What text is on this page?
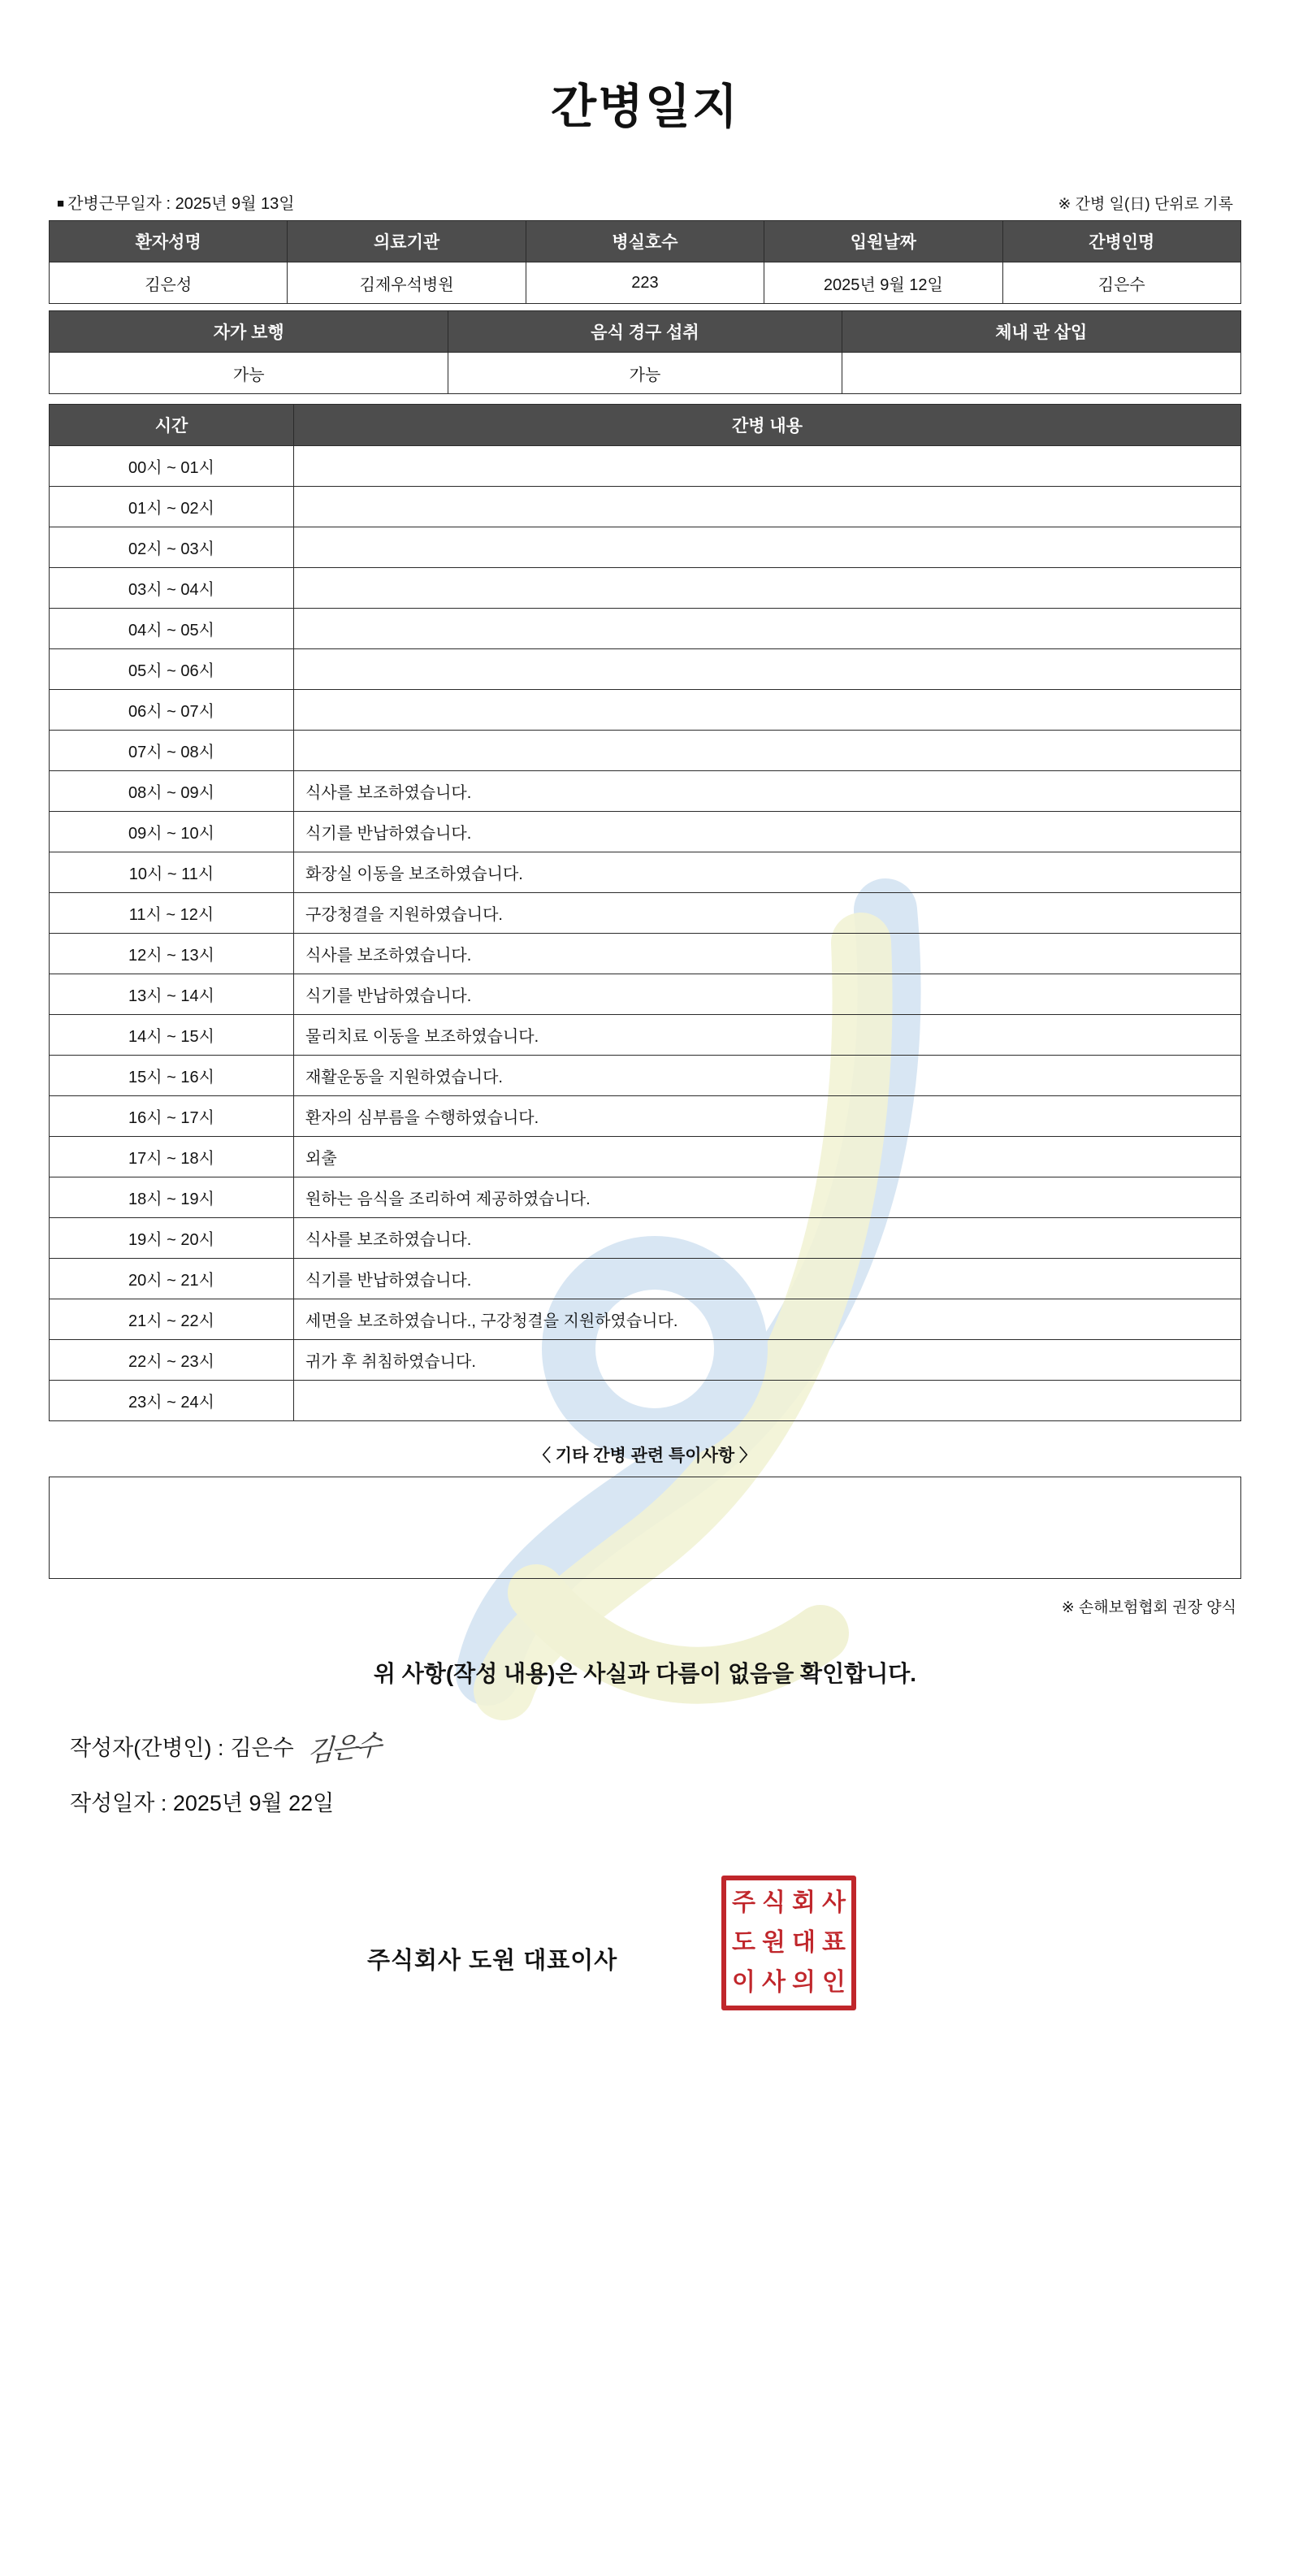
간병일지
■ 간병근무일자 : 2025년 9월 13일	※ 간병 일(日) 단위로 기록
환자성명	의료기관	병실호수	입원날짜	간병인명
김은성	김제우석병원	223	2025년 9월 12일	김은수
자가 보행	음식 경구 섭취	체내 관 삽입
가능	가능	
시간	간병 내용
00시 ~ 01시	
01시 ~ 02시	
02시 ~ 03시	
03시 ~ 04시	
04시 ~ 05시	
05시 ~ 06시	
06시 ~ 07시	
07시 ~ 08시	
08시 ~ 09시	식사를 보조하였습니다.
09시 ~ 10시	식기를 반납하였습니다.
10시 ~ 11시	화장실 이동을 보조하였습니다.
11시 ~ 12시	구강청결을 지원하였습니다.
12시 ~ 13시	식사를 보조하였습니다.
13시 ~ 14시	식기를 반납하였습니다.
14시 ~ 15시	물리치료 이동을 보조하였습니다.
15시 ~ 16시	재활운동을 지원하였습니다.
16시 ~ 17시	환자의 심부름을 수행하였습니다.
17시 ~ 18시	외출
18시 ~ 19시	원하는 음식을 조리하여 제공하였습니다.
19시 ~ 20시	식사를 보조하였습니다.
20시 ~ 21시	식기를 반납하였습니다.
21시 ~ 22시	세면을 보조하였습니다., 구강청결을 지원하였습니다.
22시 ~ 23시	귀가 후 취침하였습니다.
23시 ~ 24시	
〈 기타 간병 관련 특이사항 〉
※ 손해보험협회 권장 양식
위 사항(작성 내용)은 사실과 다름이 없음을 확인합니다.
작성자(간병인) : 김은수 김은수
작성일자 : 2025년 9월 22일
주식회사 도원 대표이사
주 식 회 사
도 원 대 표
이 사 의 인
